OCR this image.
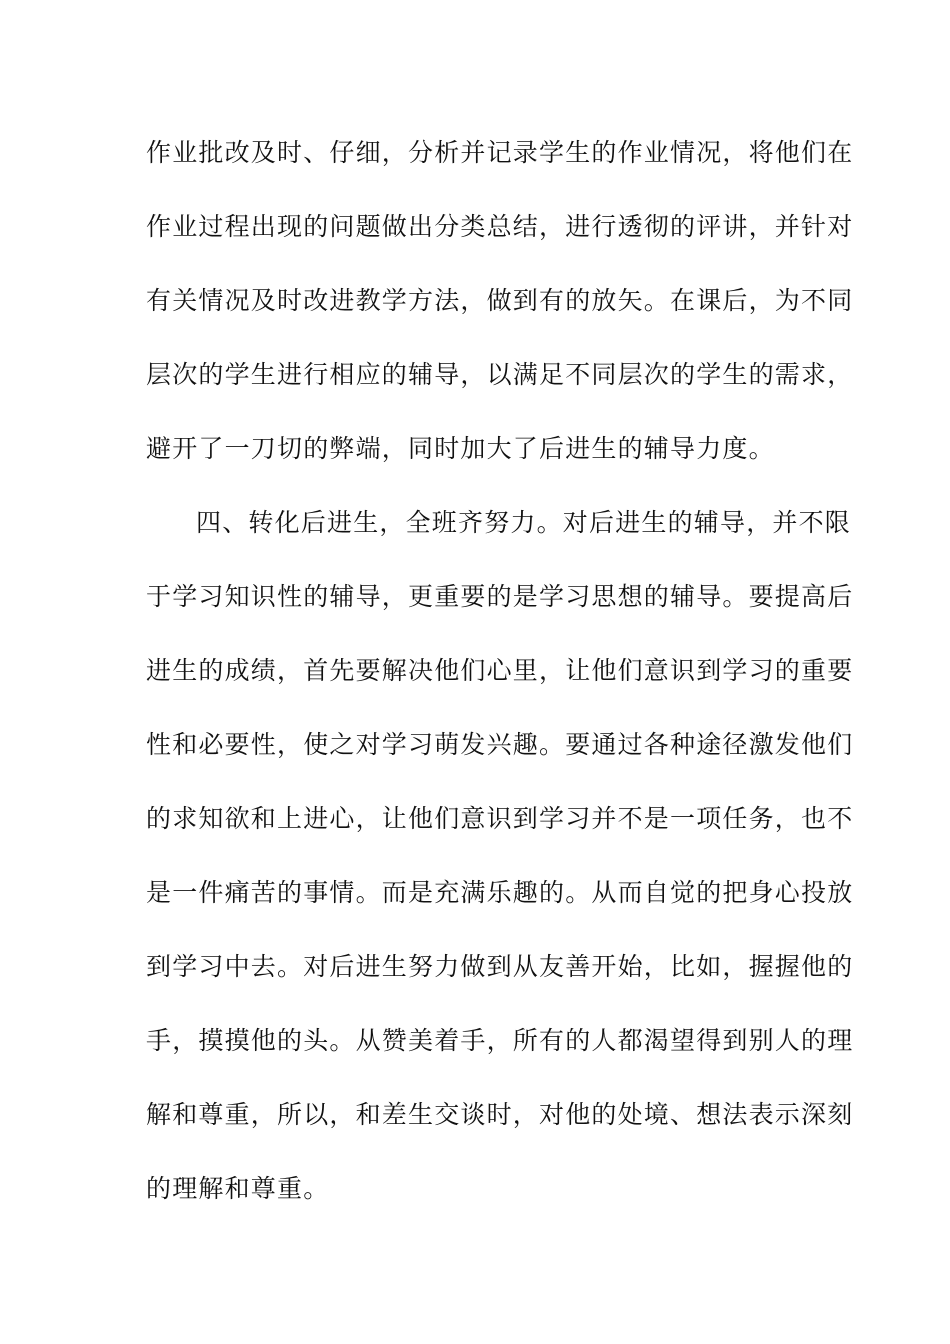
作业批改及时、仔细，分析并记录学生的作业情况，将他们在
作业过程出现的问题做出分类总结，进行透彻的评讲，并针对
有关情况及时改进教学方法，做到有的放矢。在课后，为不同
层次的学生进行相应的辅导，以满足不同层次的学生的需求，
避开了一刀切的弊端，同时加大了后进生的辅导力度。
四、转化后进生，全班齐努力。对后进生的辅导，并不限
于学习知识性的辅导，更重要的是学习思想的辅导。要提高后
进生的成绩，首先要解决他们心里，让他们意识到学习的重要
性和必要性，使之对学习萌发兴趣。要通过各种途径激发他们
的求知欲和上进心，让他们意识到学习并不是一项任务，也不
是一件痛苦的事情。而是充满乐趣的。从而自觉的把身心投放
到学习中去。对后进生努力做到从友善开始，比如，握握他的
手，摸摸他的头。从赞美着手，所有的人都渴望得到别人的理
解和尊重，所以，和差生交谈时，对他的处境、想法表示深刻
的理解和尊重。
